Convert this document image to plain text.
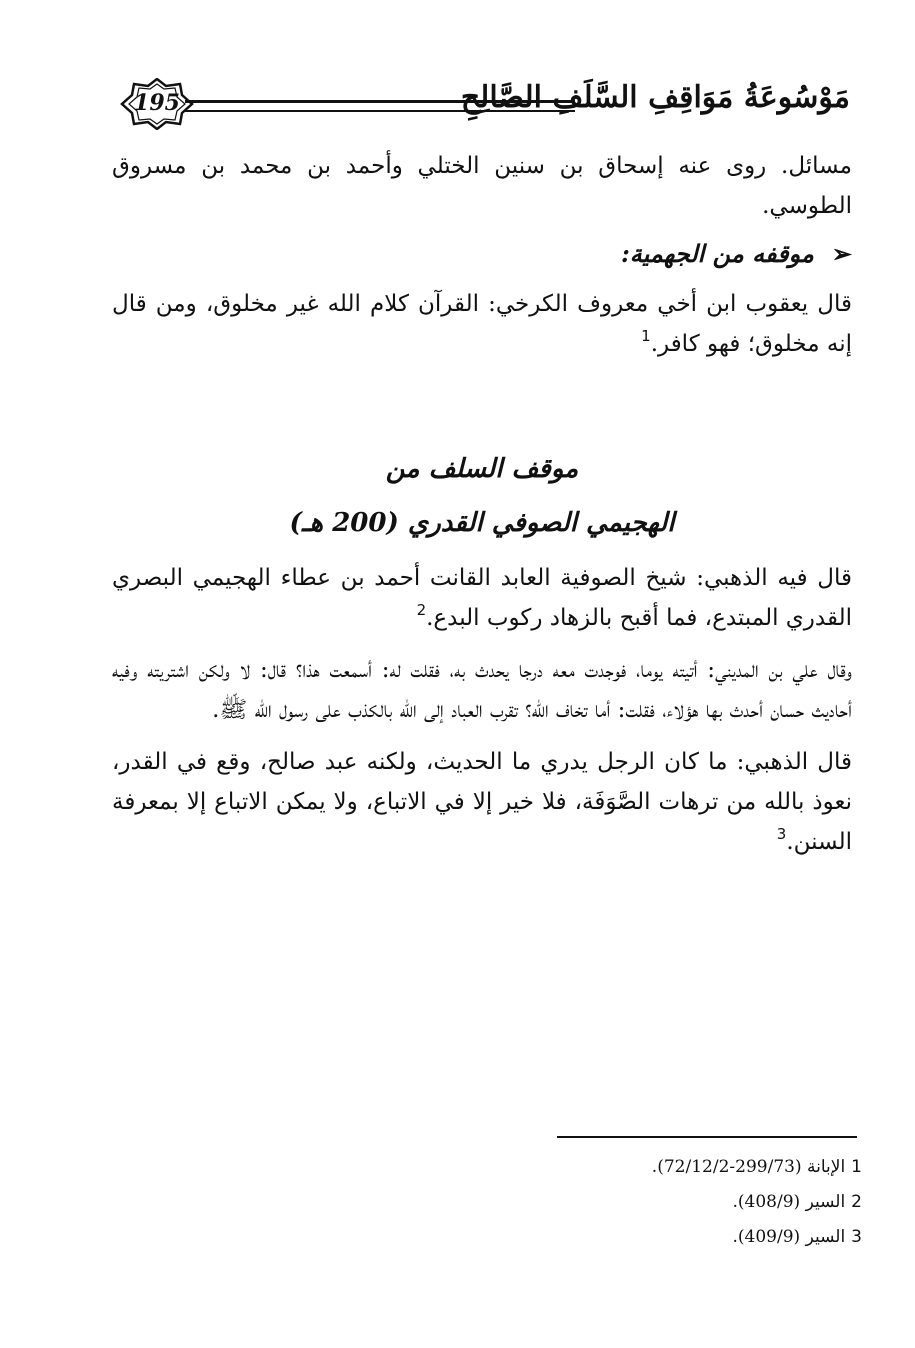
195	مَوْسُوعَةُ مَوَاقِفِ السَّلَفِ الصَّالِحِ

مسائل. روى عنه إسحاق بن سنين الختلي وأحمد بن محمد بن مسروق الطوسي.

➢موقفه من الجهمية:

قال يعقوب ابن أخي معروف الكرخي: القرآن كلام الله غير مخلوق، ومن قال إنه مخلوق؛ فهو كافر.$^1$

موقف السلف من

الهجيمي الصوفي القدري (200 هـ)

قال فيه الذهبي: شيخ الصوفية العابد القانت أحمد بن عطاء الهجيمي البصري القدري المبتدع، فما أقبح بالزهاد ركوب البدع.$^2$

وقال علي بن المديني: أتيته يوما، فوجدت معه درجا يحدث به، فقلت له: أسمعت هذا؟ قال: لا ولكن اشتريته وفيه أحاديث حسان أحدث بها هؤلاء، فقلت: أما تخاف الله؟ تقرب العباد إلى الله بالكذب على رسول الله ﷺ.

قال الذهبي: ما كان الرجل يدري ما الحديث، ولكنه عبد صالح، وقع في القدر، نعوذ بالله من ترهات الصَّوَفَة، فلا خير إلا في الاتباع، ولا يمكن الاتباع إلا بمعرفة السنن.$^3$

1الإبانة (299/73-72/12/2).
2السير (408/9).
3السير (409/9).
